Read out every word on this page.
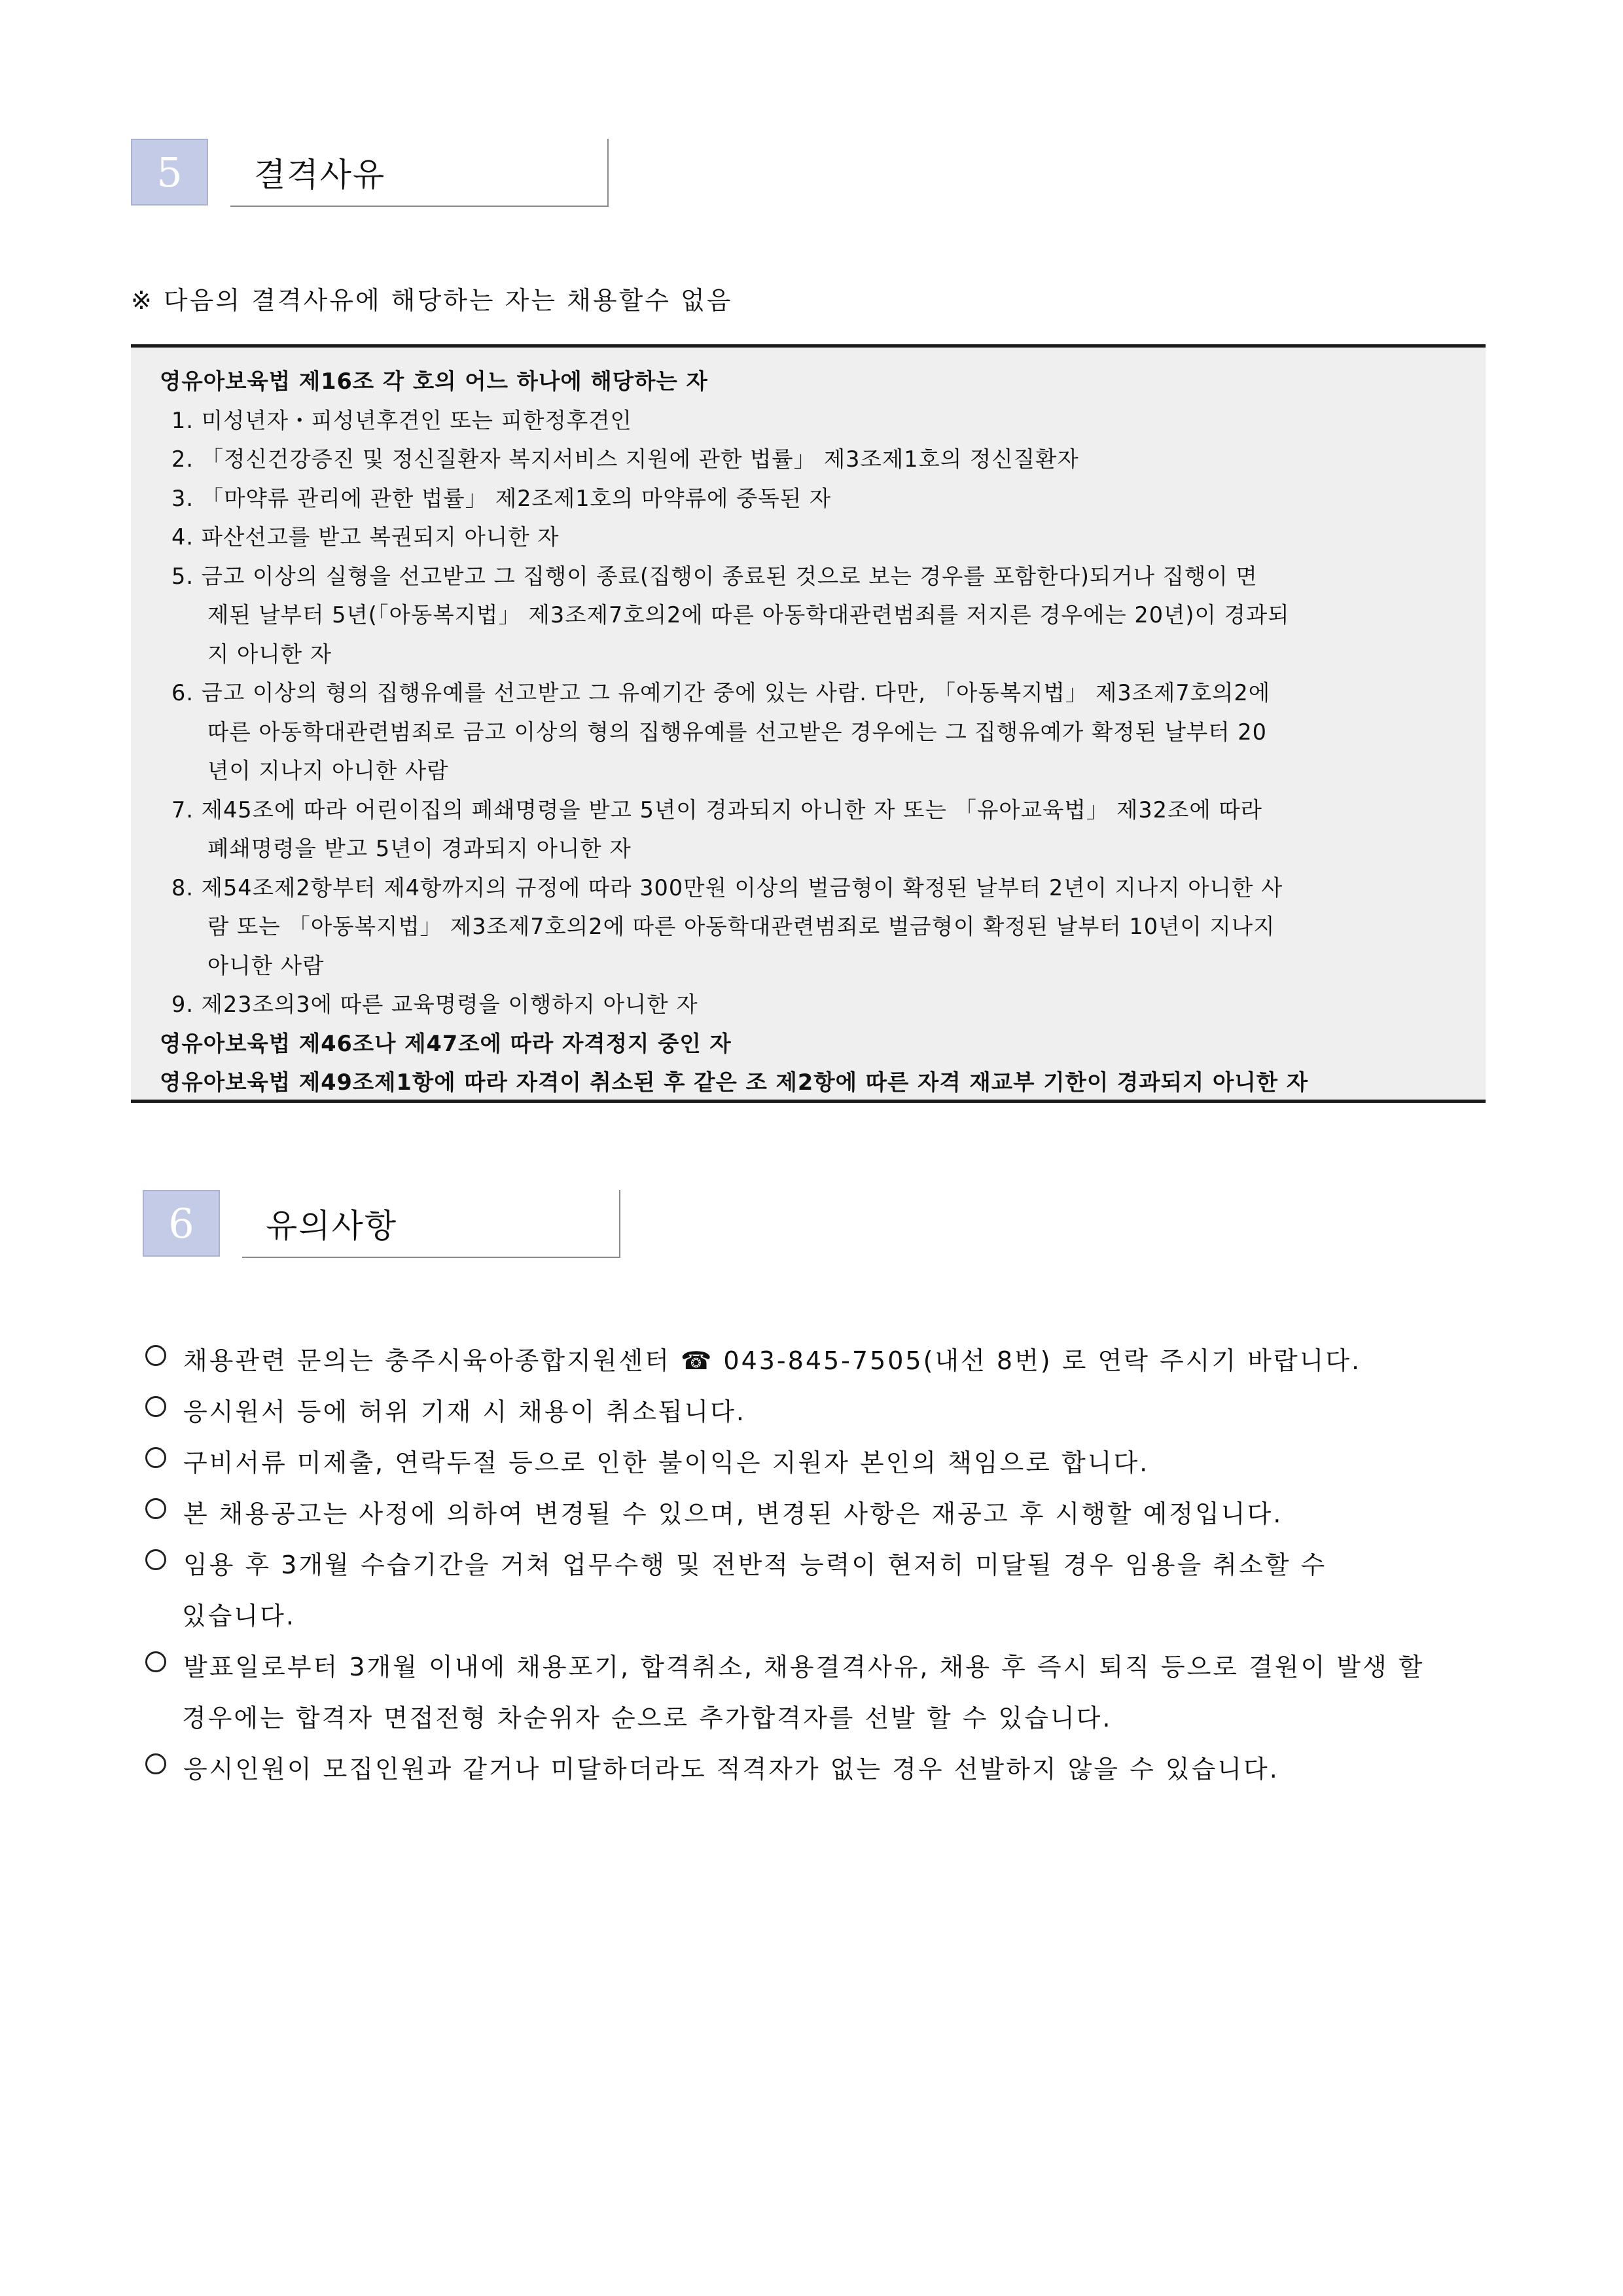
5	결격사유
※ 다음의 결격사유에 해당하는 자는 채용할수 없음
영유아보육법 제16조 각 호의 어느 하나에 해당하는 자
1. 미성년자・피성년후견인 또는 피한정후견인
2. 「정신건강증진 및 정신질환자 복지서비스 지원에 관한 법률」 제3조제1호의 정신질환자
3. 「마약류 관리에 관한 법률」 제2조제1호의 마약류에 중독된 자
4. 파산선고를 받고 복권되지 아니한 자
5. 금고 이상의 실형을 선고받고 그 집행이 종료(집행이 종료된 것으로 보는 경우를 포함한다)되거나 집행이 면
제된 날부터 5년(「아동복지법」 제3조제7호의2에 따른 아동학대관련범죄를 저지른 경우에는 20년)이 경과되
지 아니한 자
6. 금고 이상의 형의 집행유예를 선고받고 그 유예기간 중에 있는 사람. 다만, 「아동복지법」 제3조제7호의2에
따른 아동학대관련범죄로 금고 이상의 형의 집행유예를 선고받은 경우에는 그 집행유예가 확정된 날부터 20
년이 지나지 아니한 사람
7. 제45조에 따라 어린이집의 폐쇄명령을 받고 5년이 경과되지 아니한 자 또는 「유아교육법」 제32조에 따라
폐쇄명령을 받고 5년이 경과되지 아니한 자
8. 제54조제2항부터 제4항까지의 규정에 따라 300만원 이상의 벌금형이 확정된 날부터 2년이 지나지 아니한 사
람 또는 「아동복지법」 제3조제7호의2에 따른 아동학대관련범죄로 벌금형이 확정된 날부터 10년이 지나지
아니한 사람
9. 제23조의3에 따른 교육명령을 이행하지 아니한 자
영유아보육법 제46조나 제47조에 따라 자격정지 중인 자
영유아보육법 제49조제1항에 따라 자격이 취소된 후 같은 조 제2항에 따른 자격 재교부 기한이 경과되지 아니한 자
6	유의사항
채용관련 문의는 충주시육아종합지원센터 ☎ 043-845-7505(내선 8번) 로 연락 주시기 바랍니다.
응시원서 등에 허위 기재 시 채용이 취소됩니다.
구비서류 미제출, 연락두절 등으로 인한 불이익은 지원자 본인의 책임으로 합니다.
본 채용공고는 사정에 의하여 변경될 수 있으며, 변경된 사항은 재공고 후 시행할 예정입니다.
임용 후 3개월 수습기간을 거쳐 업무수행 및 전반적 능력이 현저히 미달될 경우 임용을 취소할 수
있습니다.
발표일로부터 3개월 이내에 채용포기, 합격취소, 채용결격사유, 채용 후 즉시 퇴직 등으로 결원이 발생 할
경우에는 합격자 면접전형 차순위자 순으로 추가합격자를 선발 할 수 있습니다.
응시인원이 모집인원과 같거나 미달하더라도 적격자가 없는 경우 선발하지 않을 수 있습니다.
